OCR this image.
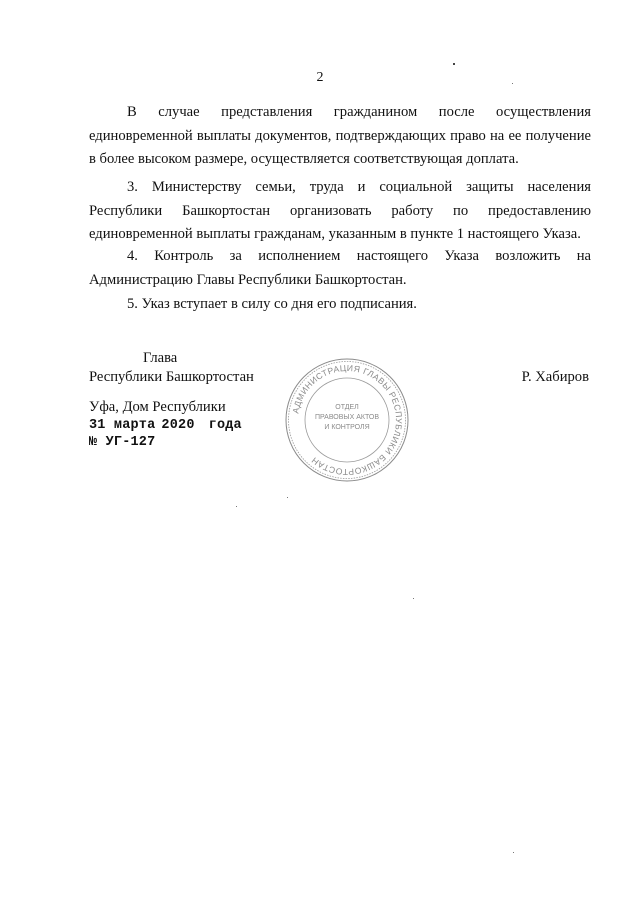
2

В случае представления гражданином после осуществления единовременной выплаты документов, подтверждающих право на ее получение в более высоком размере, осуществляется соответствующая доплата.

3. Министерству семьи, труда и социальной защиты населения Республики Башкортостан организовать работу по предоставлению единовременной выплаты гражданам, указанным в пункте 1 настоящего Указа.

4. Контроль за исполнением настоящего Указа возложить на Администрацию Главы Республики Башкортостан.

5. Указ вступает в силу со дня его подписания.

Глава
Республики Башкортостан	Р. Хабиров
Уфа, Дом Республики
31 марта 2020 года
№ УГ-127
АДМИНИСТРАЦИЯ ГЛАВЫ РЕСПУБЛИКИ БАШКОРТОСТАН
ОТДЕЛ
ПРАВОВЫХ АКТОВ
И КОНТРОЛЯ
